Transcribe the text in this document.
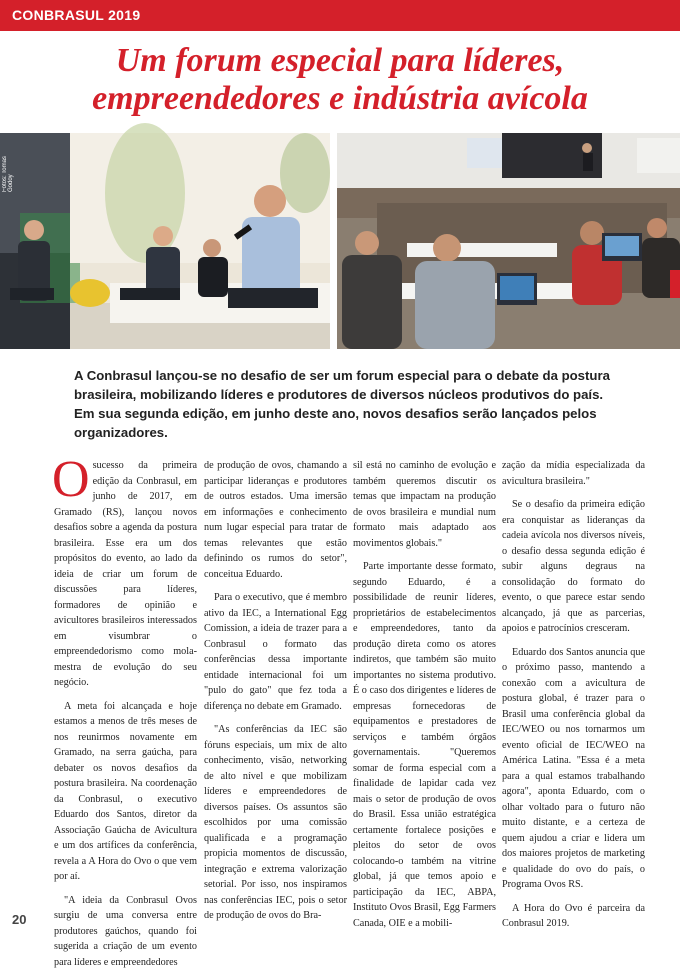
CONBRASUL 2019
Um forum especial para líderes,
empreendedores e indústria avícola
Fotos: Tomas Godoy

A Conbrasul lançou-se no desafio de ser um forum especial para o debate da postura brasileira, mobilizando líderes e produtores de diversos núcleos produtivos do país. Em sua segunda edição, em junho deste ano, novos desafios serão lançados pelos organizadores.

Osucesso da primeira edição da Conbrasul, em junho de 2017, em Gramado (RS), lançou novos desafios sobre a agenda da postura brasileira. Esse era um dos propósitos do evento, ao lado da ideia de criar um forum de discussões para líderes, formadores de opinião e avicultores brasileiros interessados em visumbrar o empreendedorismo como mola-mestra de evolução do seu negócio.

A meta foi alcançada e hoje estamos a menos de três meses de nos reunirmos novamente em Gramado, na serra gaúcha, para debater os novos desafios da postura brasileira. Na coordenação da Conbrasul, o executivo Eduardo dos Santos, diretor da Associação Gaúcha de Avicultura e um dos artífices da conferência, revela a A Hora do Ovo o que vem por aí.

"A ideia da Conbrasul Ovos surgiu de uma conversa entre produtores gaúchos, quando foi sugerida a criação de um evento para líderes e empreendedores

de produção de ovos, chamando a participar lideranças e produtores de outros estados. Uma imersão em informações e conhecimento num lugar especial para tratar de temas relevantes que estão definindo os rumos do setor", conceitua Eduardo.

Para o executivo, que é membro ativo da IEC, a International Egg Comission, a ideia de trazer para a Conbrasul o formato das conferências dessa importante entidade internacional foi um "pulo do gato" que fez toda a diferença no debate em Gramado.

"As conferências da IEC são fóruns especiais, um mix de alto conhecimento, visão, networking de alto nível e que mobilizam líderes e empreendedores de diversos países. Os assuntos são escolhidos por uma comissão qualificada e a programação propicia momentos de discussão, integração e extrema valorização setorial. Por isso, nos inspiramos nas conferências IEC, pois o setor de produção de ovos do Bra-

sil está no caminho de evolução e também queremos discutir os temas que impactam na produção de ovos brasileira e mundial num formato mais adaptado aos movimentos globais."

Parte importante desse formato, segundo Eduardo, é a possibilidade de reunir líderes, proprietários de estabelecimentos e empreendedores, tanto da produção direta como os atores indiretos, que também são muito importantes no sistema produtivo. É o caso dos dirigentes e líderes de empresas fornecedoras de equipamentos e prestadores de serviços e também órgãos governamentais. "Queremos somar de forma especial com a finalidade de lapidar cada vez mais o setor de produção de ovos do Brasil. Essa união estratégica certamente fortalece posições e pleitos do setor de ovos colocando-o também na vitrine global, já que temos apoio e participação da IEC, ABPA, Instituto Ovos Brasil, Egg Farmers Canada, OIE e a mobili-

zação da mídia especializada da avicultura brasileira."

Se o desafio da primeira edição era conquistar as lideranças da cadeia avícola nos diversos níveis, o desafio dessa segunda edição é subir alguns degraus na consolidação do formato do evento, o que parece estar sendo alcançado, já que as parcerias, apoios e patrocínios cresceram.

Eduardo dos Santos anuncia que o próximo passo, mantendo a conexão com a avicultura de postura global, é trazer para o Brasil uma conferência global da IEC/WEO ou nos tornarmos um evento oficial de IEC/WEO na América Latina. "Essa é a meta para a qual estamos trabalhando agora", aponta Eduardo, com o olhar voltado para o futuro não muito distante, e a certeza de quem ajudou a criar e lidera um dos maiores projetos de marketing e qualidade do ovo do país, o Programa Ovos RS.

A Hora do Ovo é parceira da Conbrasul 2019.

20
